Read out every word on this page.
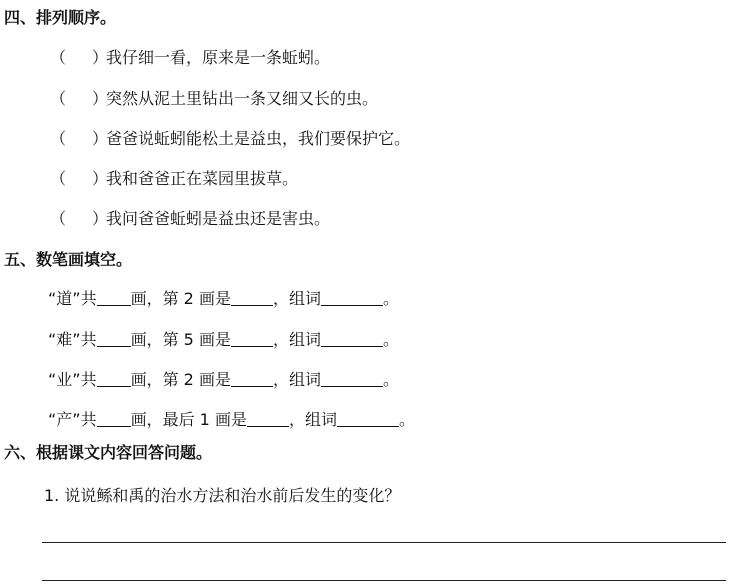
四、排列顺序。
（ ）我仔细一看，原来是一条蚯蚓。
（ ）突然从泥土里钻出一条又细又长的虫。
（ ）爸爸说蚯蚓能松土是益虫，我们要保护它。
（ ）我和爸爸正在菜园里拔草。
（ ）我问爸爸蚯蚓是益虫还是害虫。
五、数笔画填空。
“道”共 画，第 2 画是	，组词	。
“难”共 画，第 5 画是	，组词	。
“业”共 画，第 2 画是	，组词	。
“产”共 画，最后 1 画是	，组词	。
六、根据课文内容回答问题。
1. 说说鲧和禹的治水方法和治水前后发生的变化？
